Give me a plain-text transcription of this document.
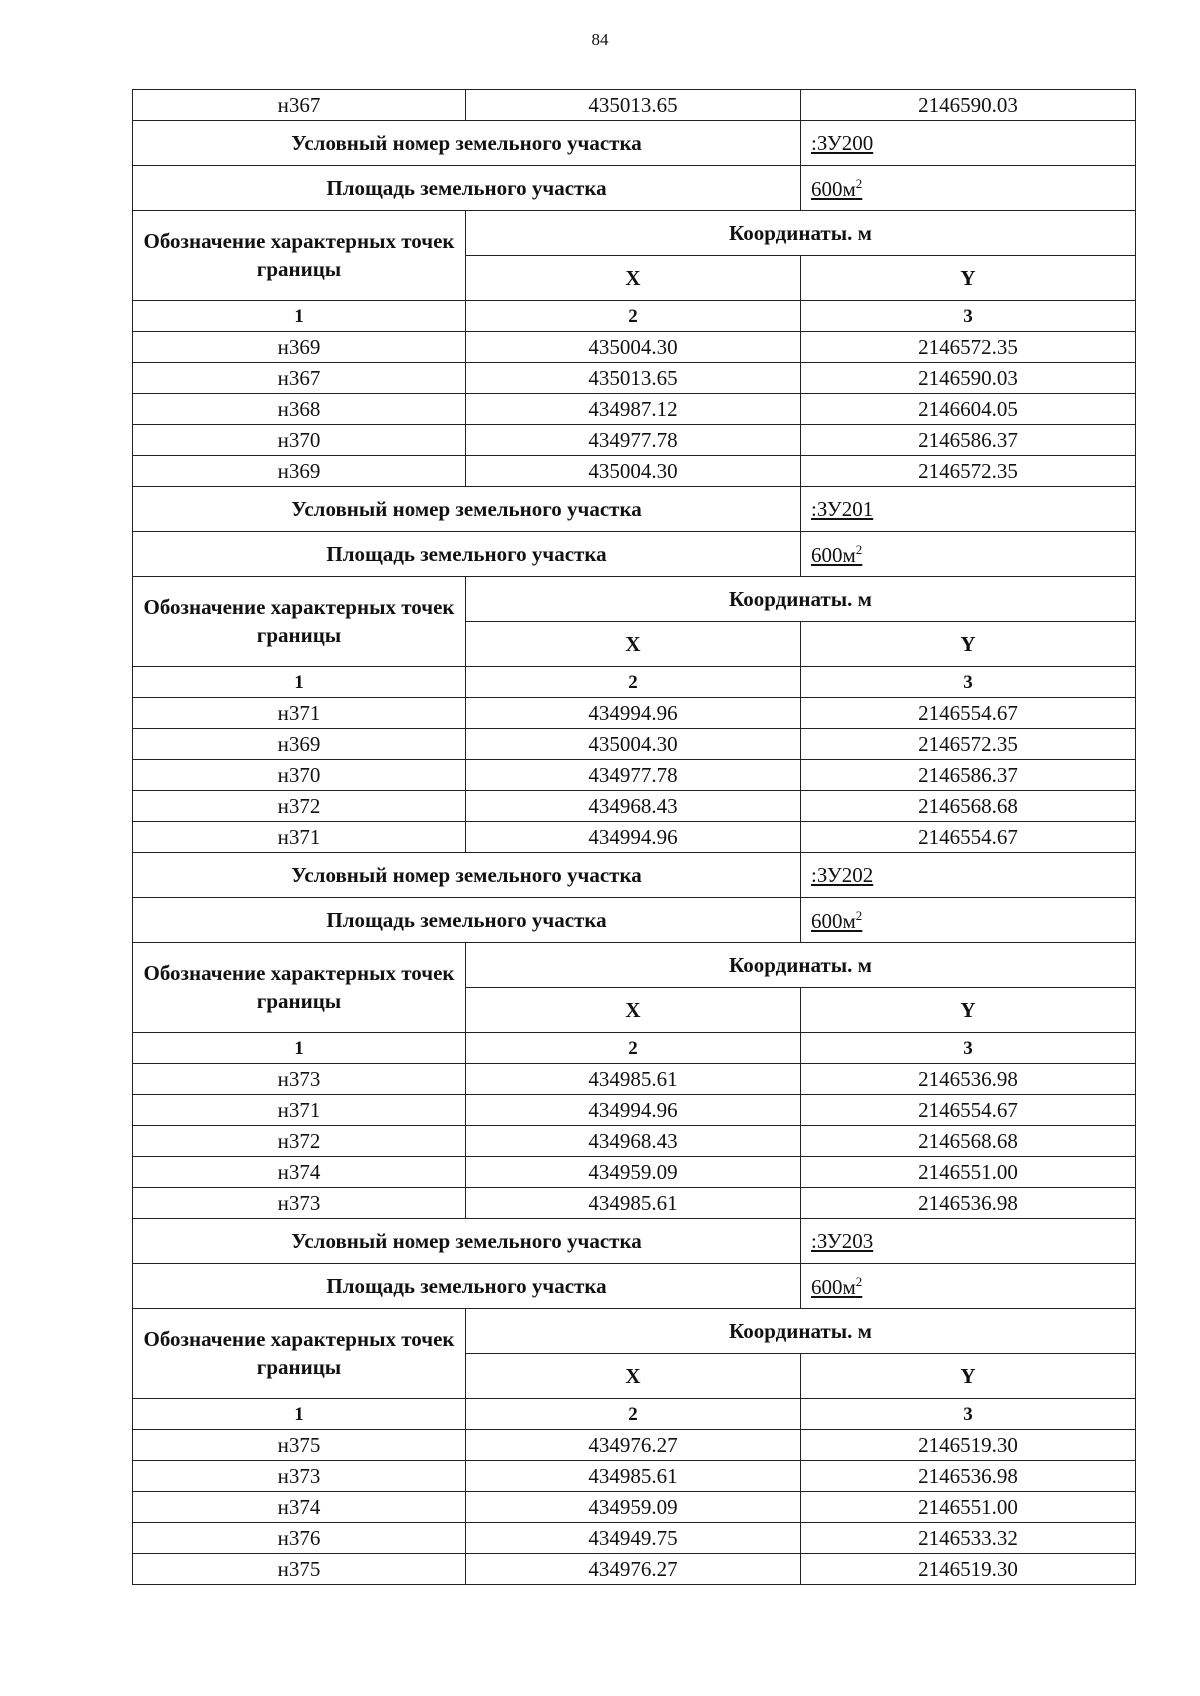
84
н367	435013.65	2146590.03
Условный номер земельного участка		:ЗУ200
Площадь земельного участка		$600м^2$
Обозначение характерных точек границы	Координаты. м	
	X	Y
1	2	3
н369	435004.30	2146572.35
н367	435013.65	2146590.03
н368	434987.12	2146604.05
н370	434977.78	2146586.37
н369	435004.30	2146572.35
Условный номер земельного участка		:ЗУ201
Площадь земельного участка		$600м^2$
Обозначение характерных точек границы	Координаты. м	
	X	Y
1	2	3
н371	434994.96	2146554.67
н369	435004.30	2146572.35
н370	434977.78	2146586.37
н372	434968.43	2146568.68
н371	434994.96	2146554.67
Условный номер земельного участка		:ЗУ202
Площадь земельного участка		$600м^2$
Обозначение характерных точек границы	Координаты. м	
	X	Y
1	2	3
н373	434985.61	2146536.98
н371	434994.96	2146554.67
н372	434968.43	2146568.68
н374	434959.09	2146551.00
н373	434985.61	2146536.98
Условный номер земельного участка		:ЗУ203
Площадь земельного участка		$600м^2$
Обозначение характерных точек границы	Координаты. м	
	X	Y
1	2	3
н375	434976.27	2146519.30
н373	434985.61	2146536.98
н374	434959.09	2146551.00
н376	434949.75	2146533.32
н375	434976.27	2146519.30
